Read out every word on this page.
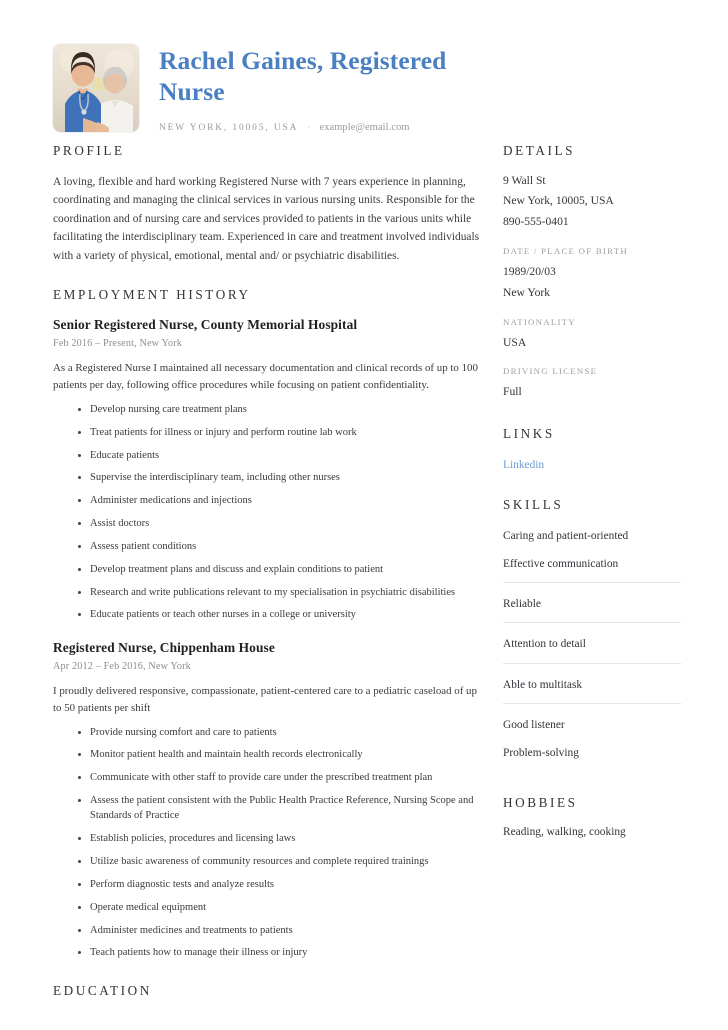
Rachel Gaines, Registered Nurse
NEW YORK, 10005, USA · example@email.com
PROFILE

A loving, flexible and hard working Registered Nurse with 7 years experience in planning, coordinating and managing the clinical services in various nursing units. Responsible for the coordination and of nursing care and services provided to patients in the various units while facilitating the interdisciplinary team. Experienced in care and treatment involved individuals with a variety of physical, emotional, mental and/ or psychiatric disabilities.

EMPLOYMENT HISTORY
Senior Registered Nurse, County Memorial Hospital
Feb 2016 – Present, New York

As a Registered Nurse I maintained all necessary documentation and clinical records of up to 100 patients per day, following office procedures while focusing on patient confidentiality.

Develop nursing care treatment plans
Treat patients for illness or injury and perform routine lab work
Educate patients
Supervise the interdisciplinary team, including other nurses
Administer medications and injections
Assist doctors
Assess patient conditions
Develop treatment plans and discuss and explain conditions to patient
Research and write publications relevant to my specialisation in psychiatric disabilities
Educate patients or teach other nurses in a college or university
Registered Nurse, Chippenham House
Apr 2012 – Feb 2016, New York

I proudly delivered responsive, compassionate, patient-centered care to a pediatric caseload of up to 50 patients per shift

Provide nursing comfort and care to patients
Monitor patient health and maintain health records electronically
Communicate with other staff to provide care under the prescribed treatment plan
Assess the patient consistent with the Public Health Practice Reference, Nursing Scope and Standards of Practice
Establish policies, procedures and licensing laws
Utilize basic awareness of community resources and complete required trainings
Perform diagnostic tests and analyze results
Operate medical equipment
Administer medicines and treatments to patients
Teach patients how to manage their illness or injury
EDUCATION
DETAILS
9 Wall St
New York, 10005, USA
890-555-0401
DATE / PLACE OF BIRTH
1989/20/03
New York
NATIONALITY
USA
DRIVING LICENSE
Full
LINKS
Linkedin
SKILLS
Caring and patient-oriented
Effective communication
Reliable
Attention to detail
Able to multitask
Good listener
Problem-solving
HOBBIES

Reading, walking, cooking
